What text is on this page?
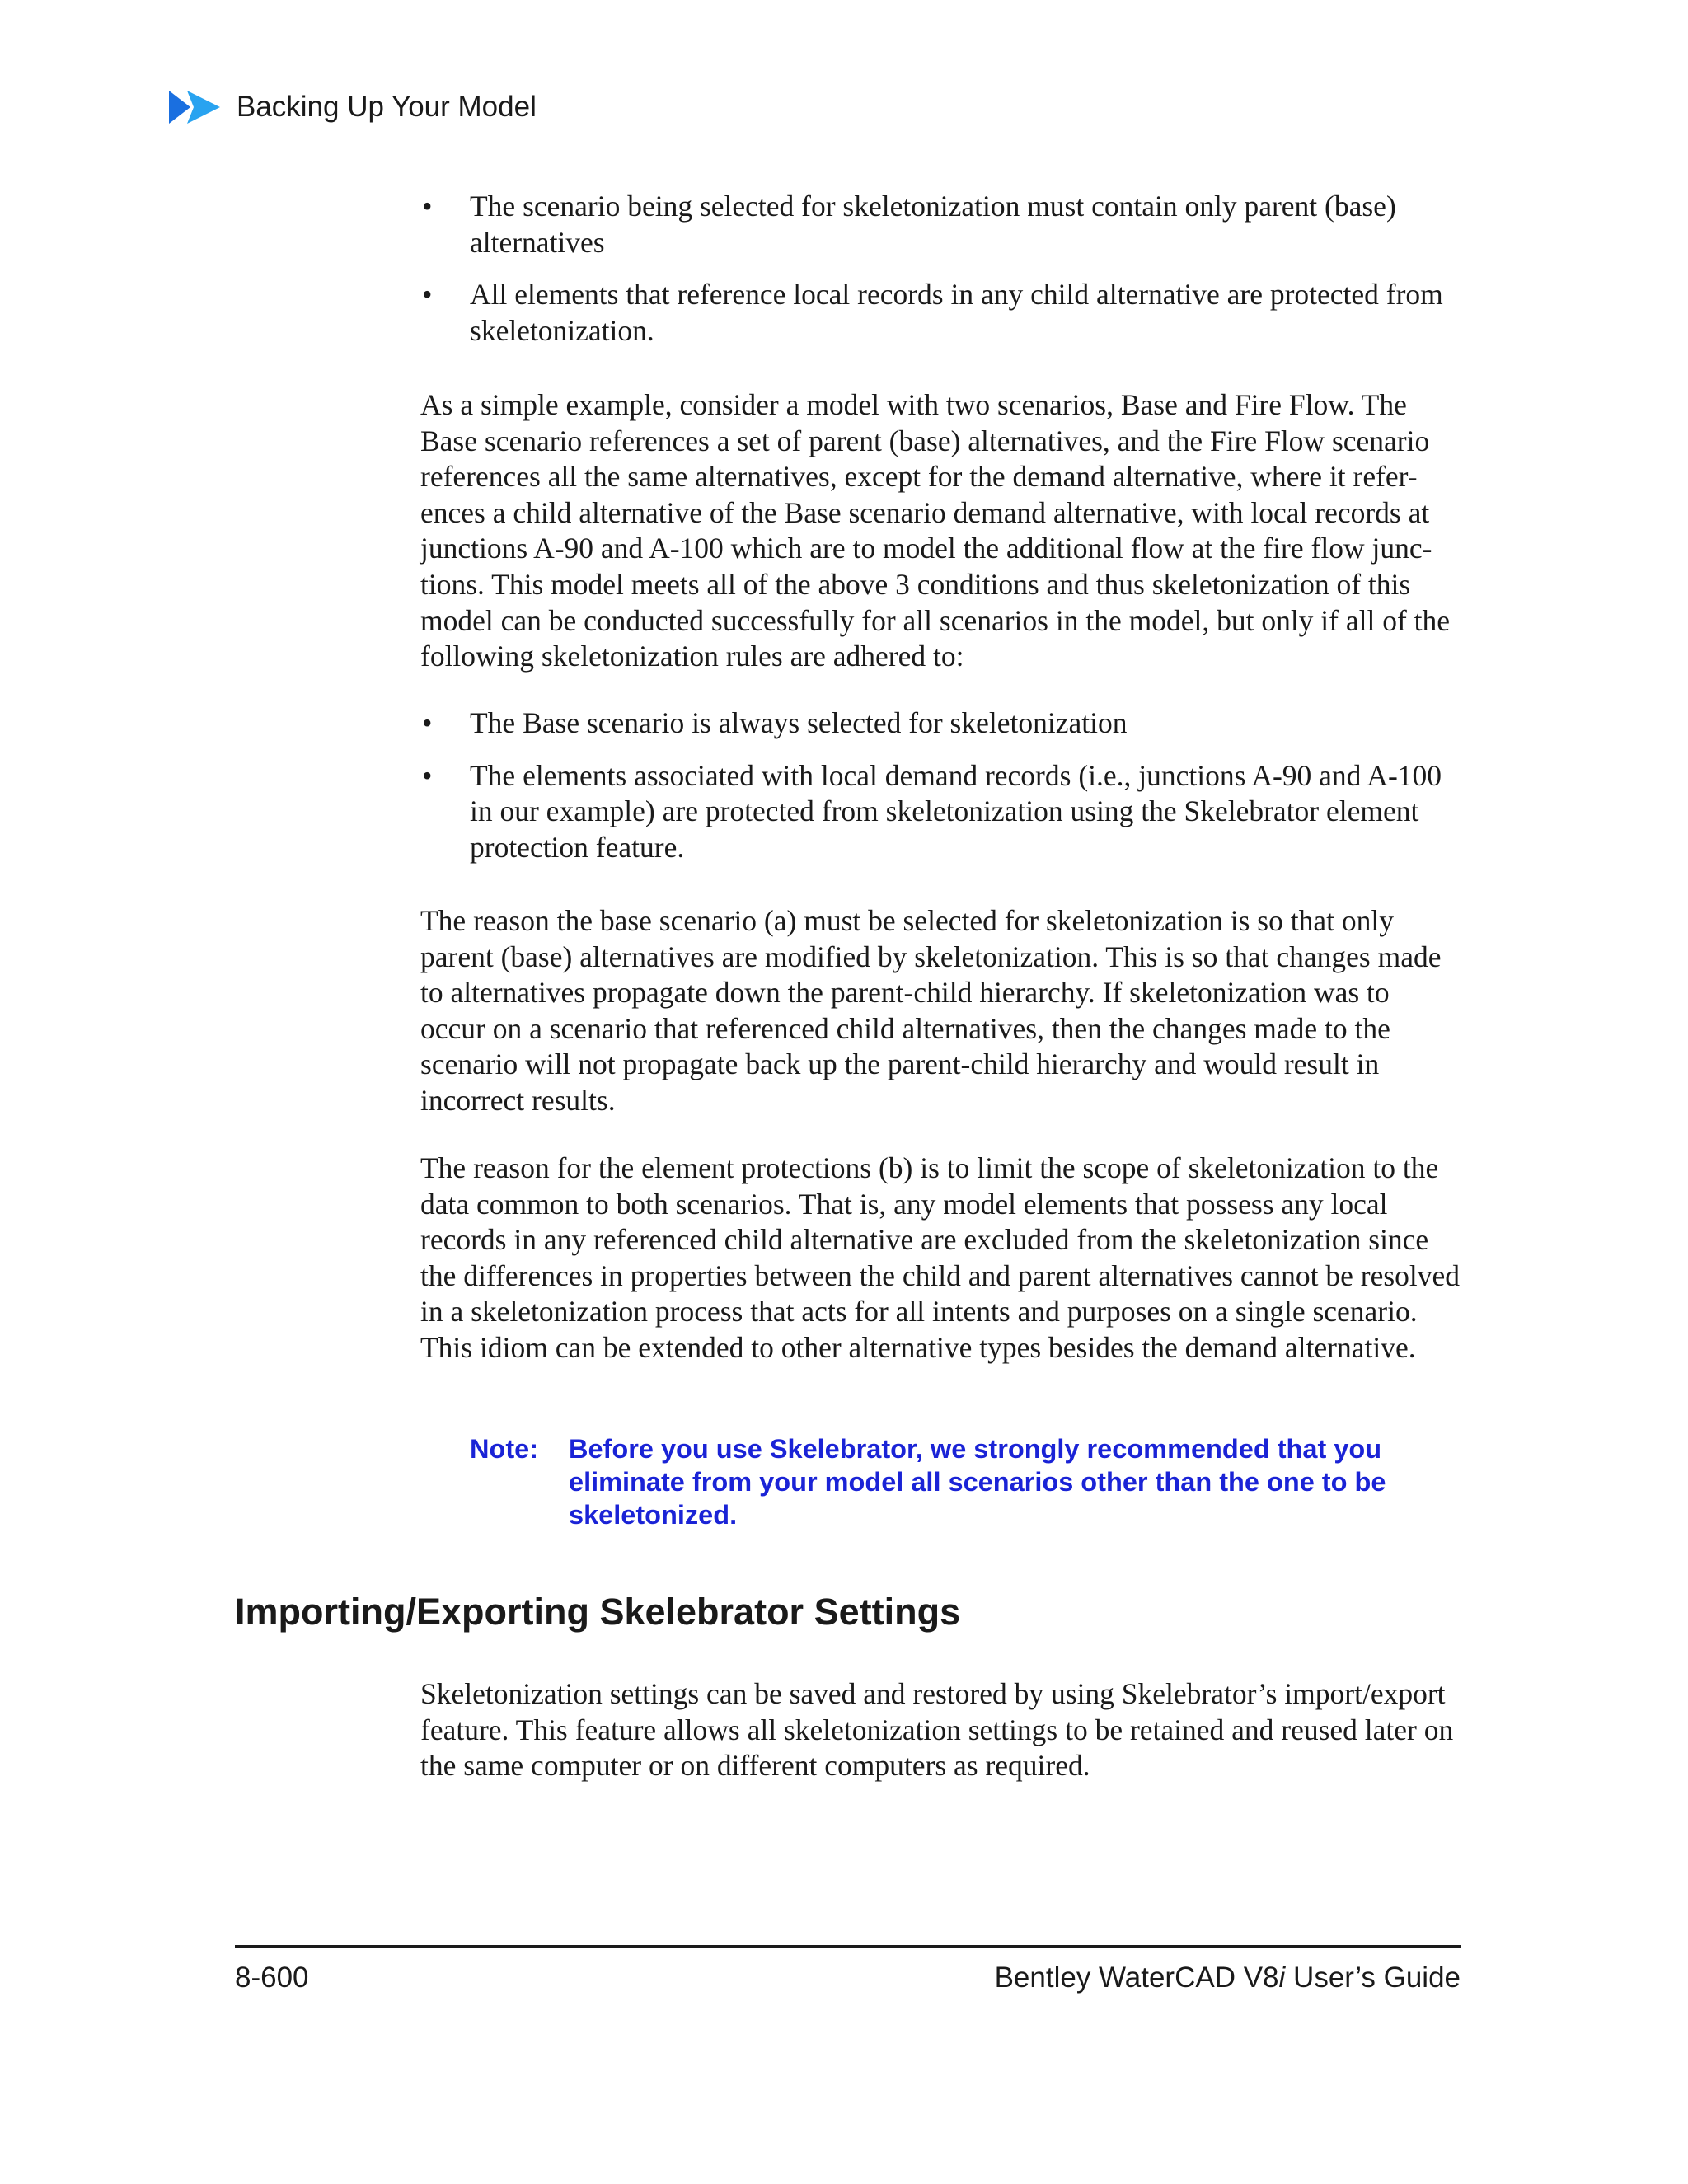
Backing Up Your Model
• The scenario being selected for skeletonization must contain only parent (base) alternatives
• All elements that reference local records in any child alternative are protected from skeletonization.

As a simple example, consider a model with two scenarios, Base and Fire Flow. The Base scenario references a set of parent (base) alternatives, and the Fire Flow scenario references all the same alternatives, except for the demand alternative, where it refer-ences a child alternative of the Base scenario demand alternative, with local records at junctions A-90 and A-100 which are to model the additional flow at the fire flow junc-tions. This model meets all of the above 3 conditions and thus skeletonization of this model can be conducted successfully for all scenarios in the model, but only if all of the following skeletonization rules are adhered to:

• The Base scenario is always selected for skeletonization
• The elements associated with local demand records (i.e., junctions A-90 and A-100 in our example) are protected from skeletonization using the Skelebrator element protection feature.

The reason the base scenario (a) must be selected for skeletonization is so that only parent (base) alternatives are modified by skeletonization. This is so that changes made to alternatives propagate down the parent-child hierarchy. If skeletonization was to occur on a scenario that referenced child alternatives, then the changes made to the scenario will not propagate back up the parent-child hierarchy and would result in incorrect results.

The reason for the element protections (b) is to limit the scope of skeletonization to the data common to both scenarios. That is, any model elements that possess any local records in any referenced child alternative are excluded from the skeletonization since the differences in properties between the child and parent alternatives cannot be resolved in a skeletonization process that acts for all intents and purposes on a single scenario. This idiom can be extended to other alternative types besides the demand alternative.

Note:	Before you use Skelebrator, we strongly recommended that you eliminate from your model all scenarios other than the one to be skeletonized.
Importing/Exporting Skelebrator Settings

Skeletonization settings can be saved and restored by using Skelebrator’s import/export feature. This feature allows all skeletonization settings to be retained and reused later on the same computer or on different computers as required.

8-600	Bentley WaterCAD V8i User’s Guide
